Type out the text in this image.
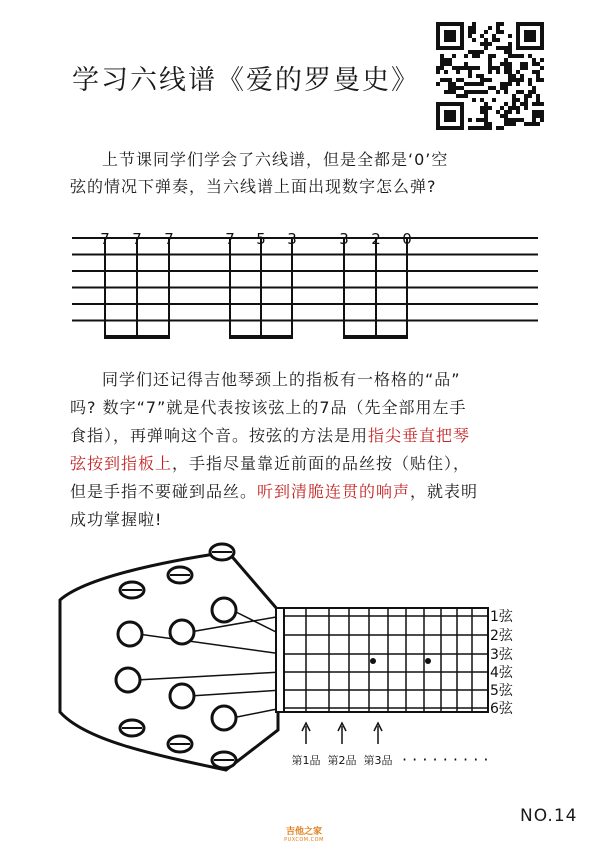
学习六线谱《爱的罗曼史》
上节课同学们学会了六线谱，但是全都是‘0’空
弦的情况下弹奏，当六线谱上面出现数字怎么弹?
7 7 7	7 5 3	3 2 0
同学们还记得吉他琴颈上的指板有一格格的“品”
吗? 数字“7”就是代表按该弦上的7品（先全部用左手
食指），再弹响这个音。按弦的方法是用指尖垂直把琴
弦按到指板上，手指尽量靠近前面的品丝按（贴住），
但是手指不要碰到品丝。听到清脆连贯的响声，就表明
成功掌握啦!
1弦
2弦
3弦
4弦
5弦
6弦
第1品 第2品 第3品 · · · · · · · · ·
NO.14
吉他之家
PUXCOM.COM
